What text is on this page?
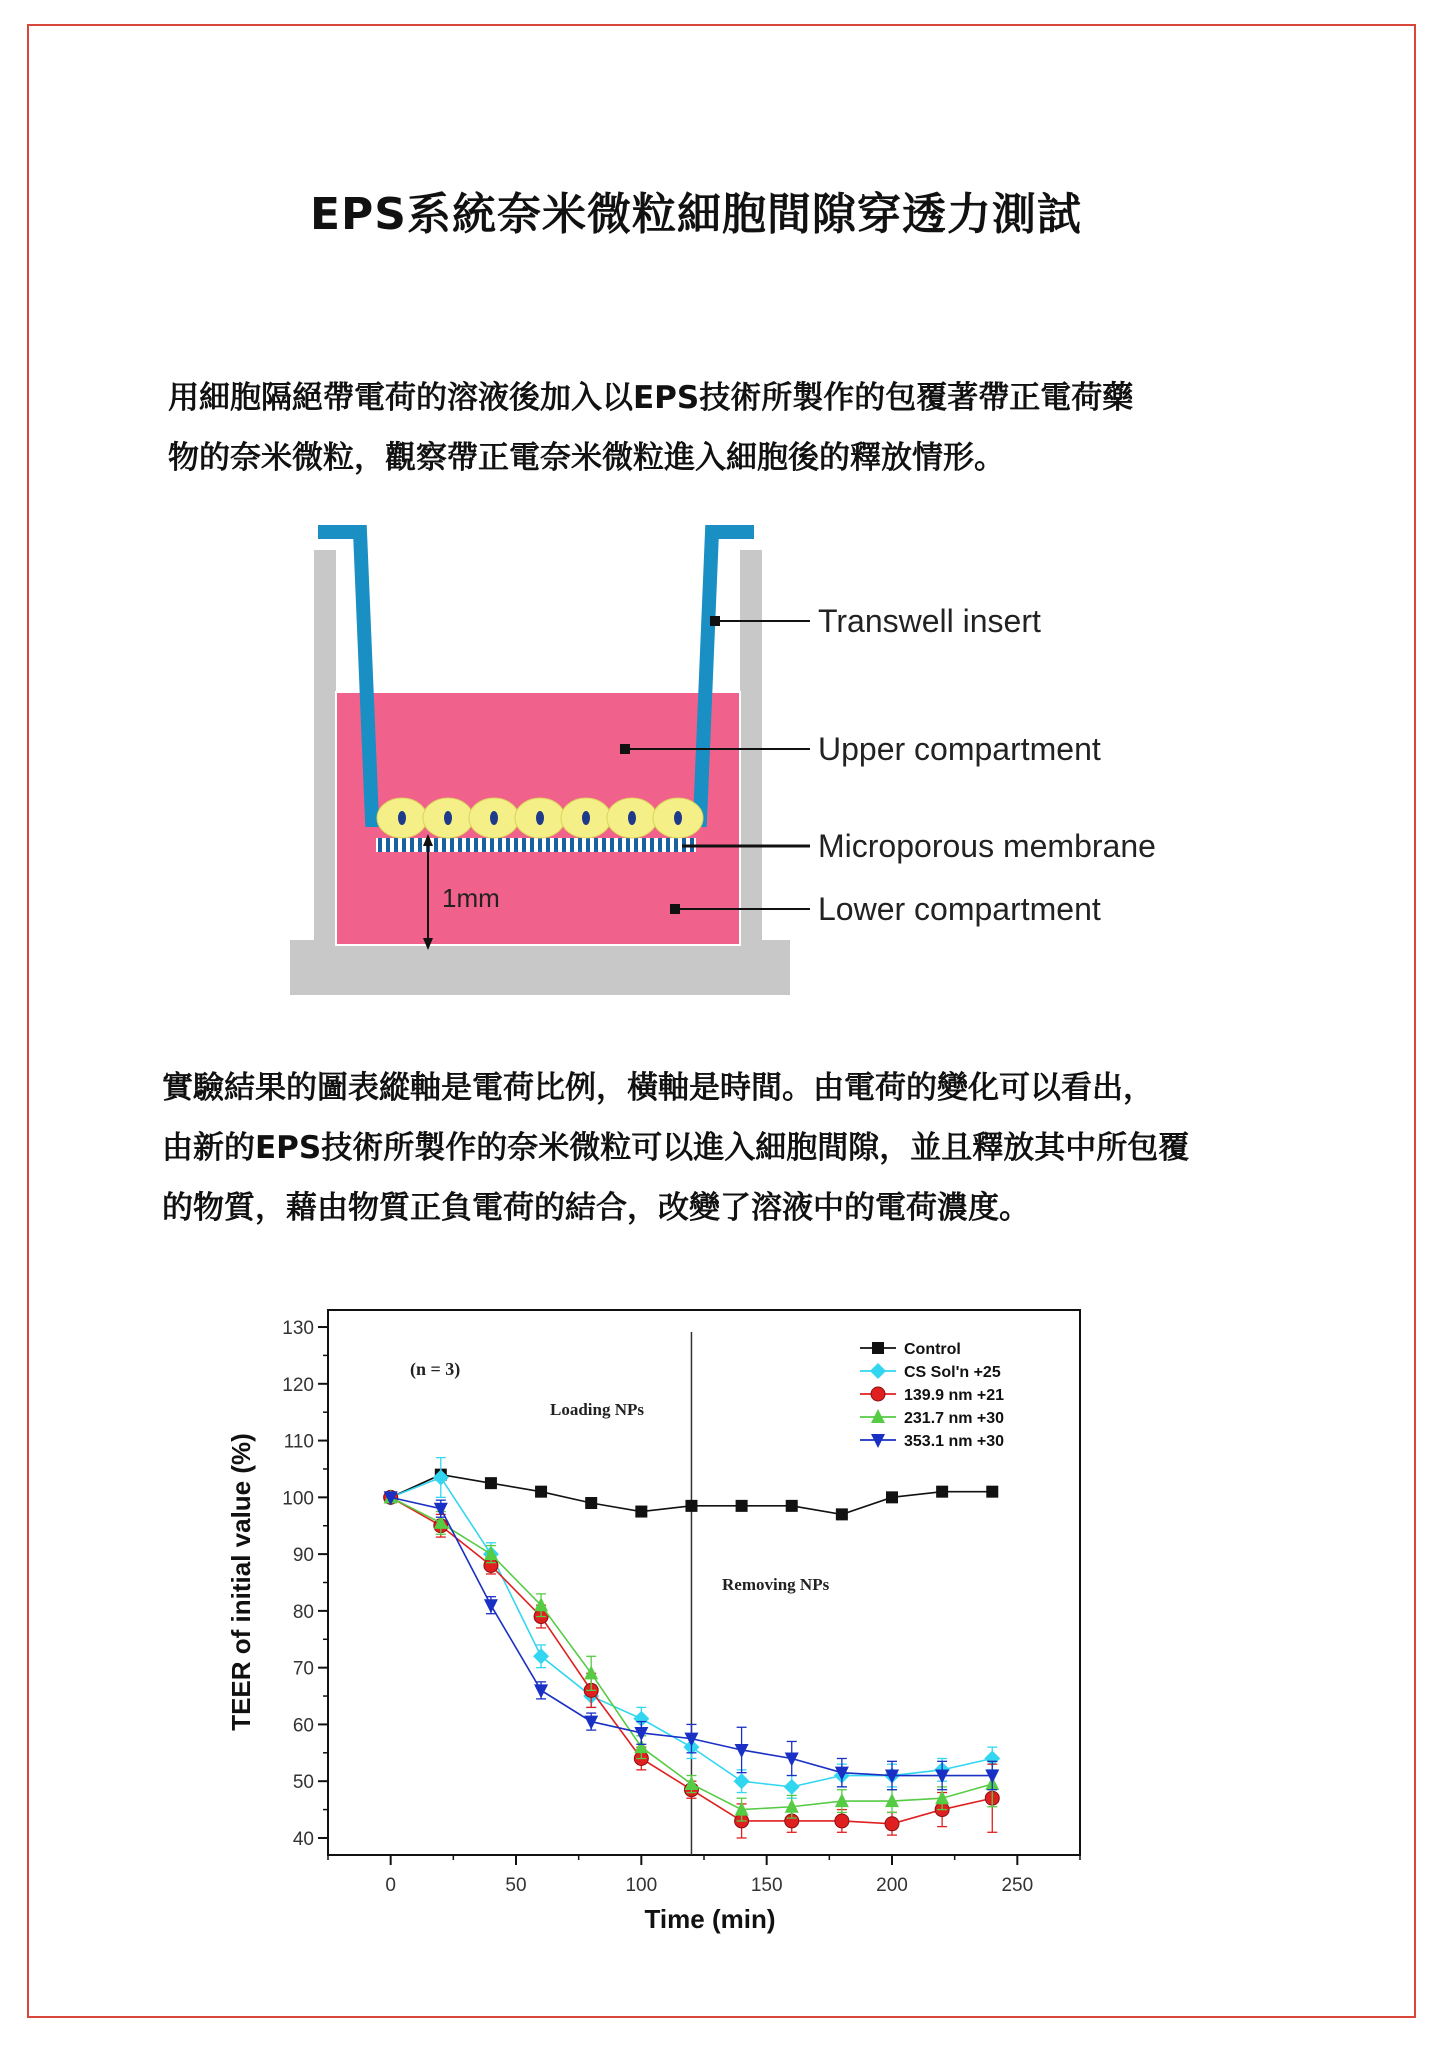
EPS系統奈米微粒細胞間隙穿透力測試
用細胞隔絕帶電荷的溶液後加入以EPS技術所製作的包覆著帶正電荷藥
物的奈米微粒，觀察帶正電奈米微粒進入細胞後的釋放情形。
1mm
Transwell insert
Upper compartment
Microporous membrane
Lower compartment
實驗結果的圖表縱軸是電荷比例，橫軸是時間。由電荷的變化可以看出，
由新的EPS技術所製作的奈米微粒可以進入細胞間隙，並且釋放其中所包覆
的物質，藉由物質正負電荷的結合，改變了溶液中的電荷濃度。
40
50
60
70
80
90
100
110
120
130
0	50	100	150	200	250
Control
CS Sol'n +25
139.9 nm +21
231.7 nm +30
353.1 nm +30
(n = 3)
Loading NPs
Removing NPs
Time (min)
TEER of initial value (%)
